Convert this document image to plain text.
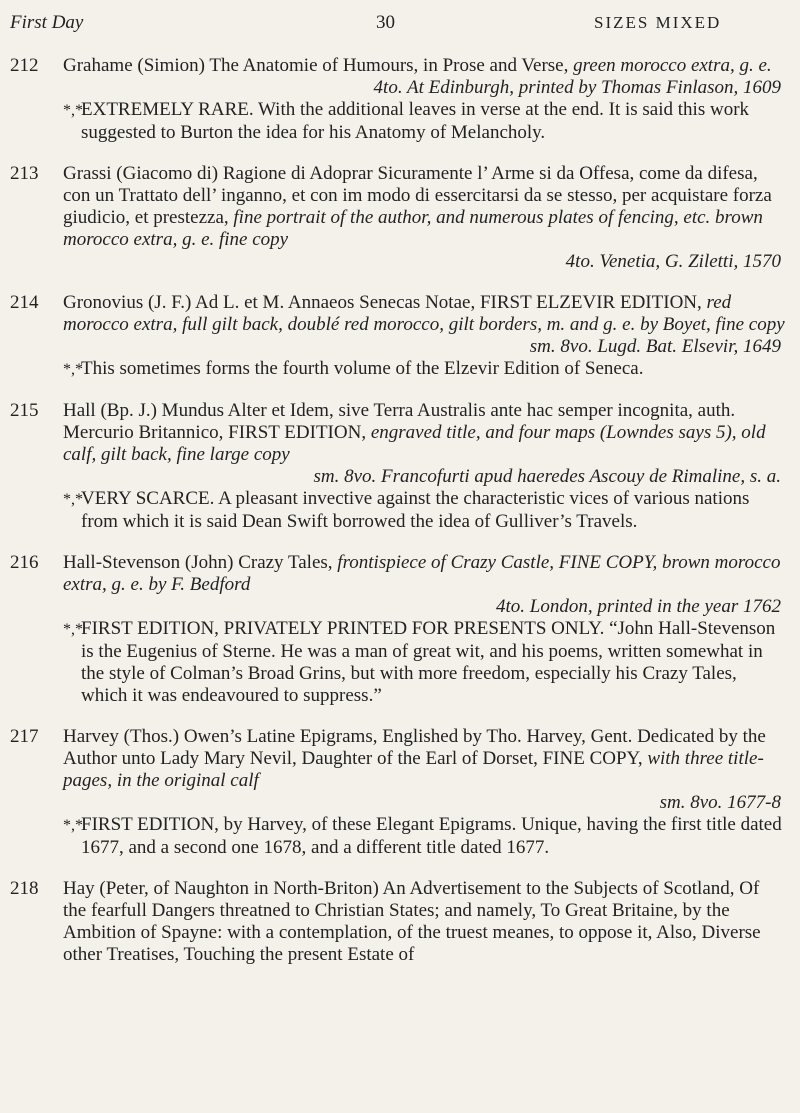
First Day	30	SIZES MIXED
212	Grahame (Simion) The Anatomie of Humours, in Prose and Verse, green morocco extra, g. e.
4to. At Edinburgh, printed by Thomas Finlason, 1609
*,*EXTREMELY RARE. With the additional leaves in verse at the end. It is said this work suggested to Burton the idea for his Anatomy of Melancholy.
213	Grassi (Giacomo di) Ragione di Adoprar Sicuramente l’ Arme si da Offesa, come da difesa, con un Trattato dell’ inganno, et con im modo di essercitarsi da se stesso, per acquistare forza giudicio, et prestezza, fine portrait of the author, and numerous plates of fencing, etc. brown morocco extra, g. e. fine copy
4to. Venetia, G. Ziletti, 1570
214	Gronovius (J. F.) Ad L. et M. Annaeos Senecas Notae, FIRST ELZEVIR EDITION, red morocco extra, full gilt back, doublé red morocco, gilt borders, m. and g. e. by Boyet, fine copy
sm. 8vo. Lugd. Bat. Elsevir, 1649
*,*This sometimes forms the fourth volume of the Elzevir Edition of Seneca.
215	Hall (Bp. J.) Mundus Alter et Idem, sive Terra Australis ante hac semper incognita, auth. Mercurio Britannico, FIRST EDITION, engraved title, and four maps (Lowndes says 5), old calf, gilt back, fine large copy
sm. 8vo. Francofurti apud haeredes Ascouy de Rimaline, s. a.
*,*VERY SCARCE. A pleasant invective against the characteristic vices of various nations from which it is said Dean Swift borrowed the idea of Gulliver’s Travels.
216	Hall-Stevenson (John) Crazy Tales, frontispiece of Crazy Castle, FINE COPY, brown morocco extra, g. e. by F. Bedford
4to. London, printed in the year 1762
*,*FIRST EDITION, PRIVATELY PRINTED FOR PRESENTS ONLY. “John Hall-Stevenson is the Eugenius of Sterne. He was a man of great wit, and his poems, written somewhat in the style of Colman’s Broad Grins, but with more freedom, especially his Crazy Tales, which it was endeavoured to suppress.”
217	Harvey (Thos.) Owen’s Latine Epigrams, Englished by Tho. Harvey, Gent. Dedicated by the Author unto Lady Mary Nevil, Daughter of the Earl of Dorset, FINE COPY, with three title-pages, in the original calf
sm. 8vo. 1677-8
*,*FIRST EDITION, by Harvey, of these Elegant Epigrams. Unique, having the first title dated 1677, and a second one 1678, and a different title dated 1677.
218	Hay (Peter, of Naughton in North-Briton) An Advertisement to the Subjects of Scotland, Of the fearfull Dangers threatned to Christian States; and namely, To Great Britaine, by the Ambition of Spayne: with a contemplation, of the truest meanes, to oppose it, Also, Diverse other Treatises, Touching the present Estate of
